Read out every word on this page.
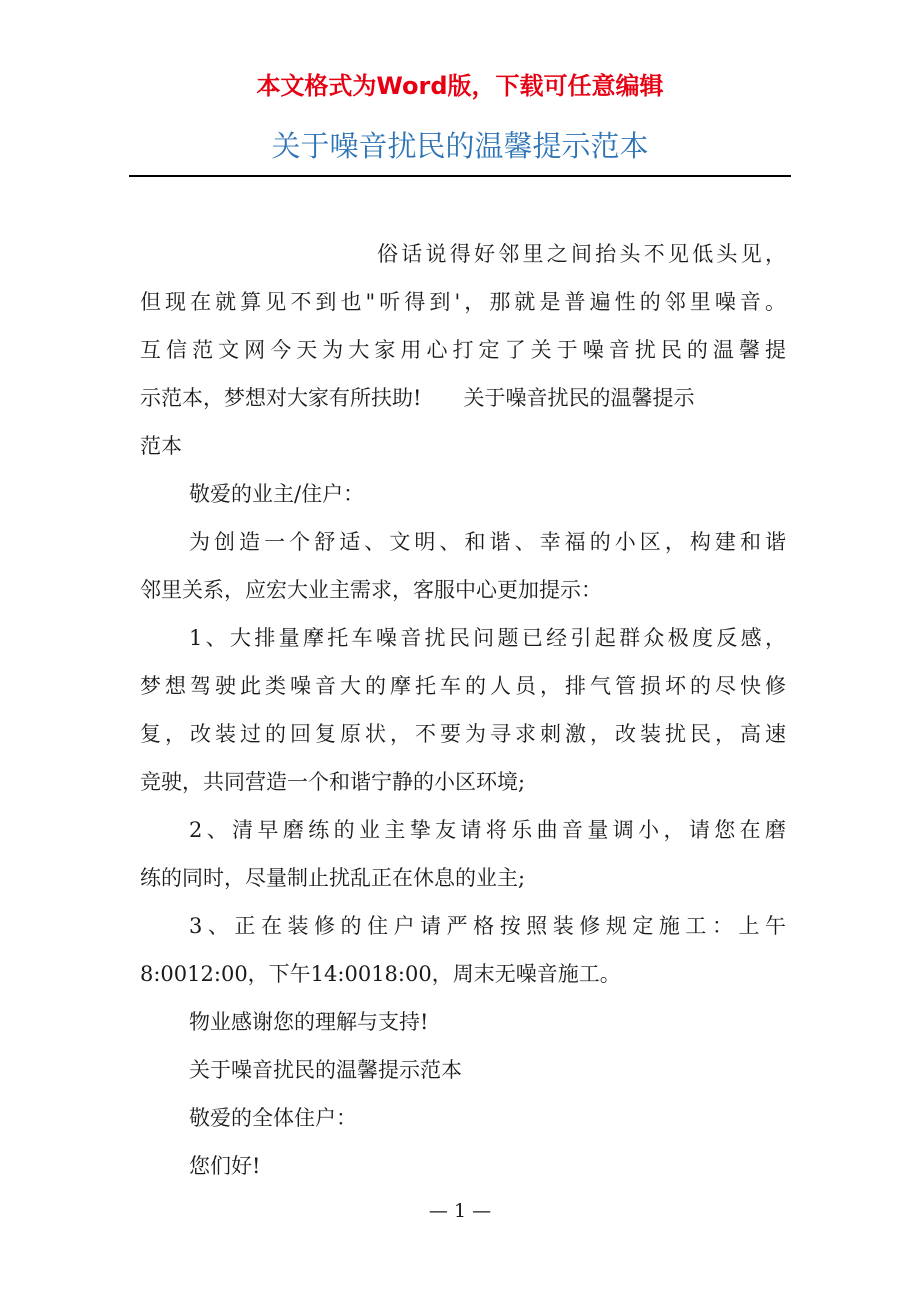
本文格式为Word版，下载可任意编辑
关于噪音扰民的温馨提示范本
俗话说得好邻里之间抬头不见低头见，
但现在就算见不到也"听得到'，那就是普遍性的邻里噪音。
互信范文网今天为大家用心打定了关于噪音扰民的温馨提
示范本，梦想对大家有所扶助! 关于噪音扰民的温馨提示
范本
敬爱的业主/住户：
为创造一个舒适、文明、和谐、幸福的小区，构建和谐
邻里关系，应宏大业主需求，客服中心更加提示：
1、大排量摩托车噪音扰民问题已经引起群众极度反感，
梦想驾驶此类噪音大的摩托车的人员，排气管损坏的尽快修
复，改装过的回复原状，不要为寻求刺激，改装扰民，高速
竞驶，共同营造一个和谐宁静的小区环境;
2、清早磨练的业主挚友请将乐曲音量调小，请您在磨
练的同时，尽量制止扰乱正在休息的业主;
3、正在装修的住户请严格按照装修规定施工：上午
8:0012:00，下午14:0018:00，周末无噪音施工。
物业感谢您的理解与支持!
关于噪音扰民的温馨提示范本
敬爱的全体住户：
您们好!
— 1 —
